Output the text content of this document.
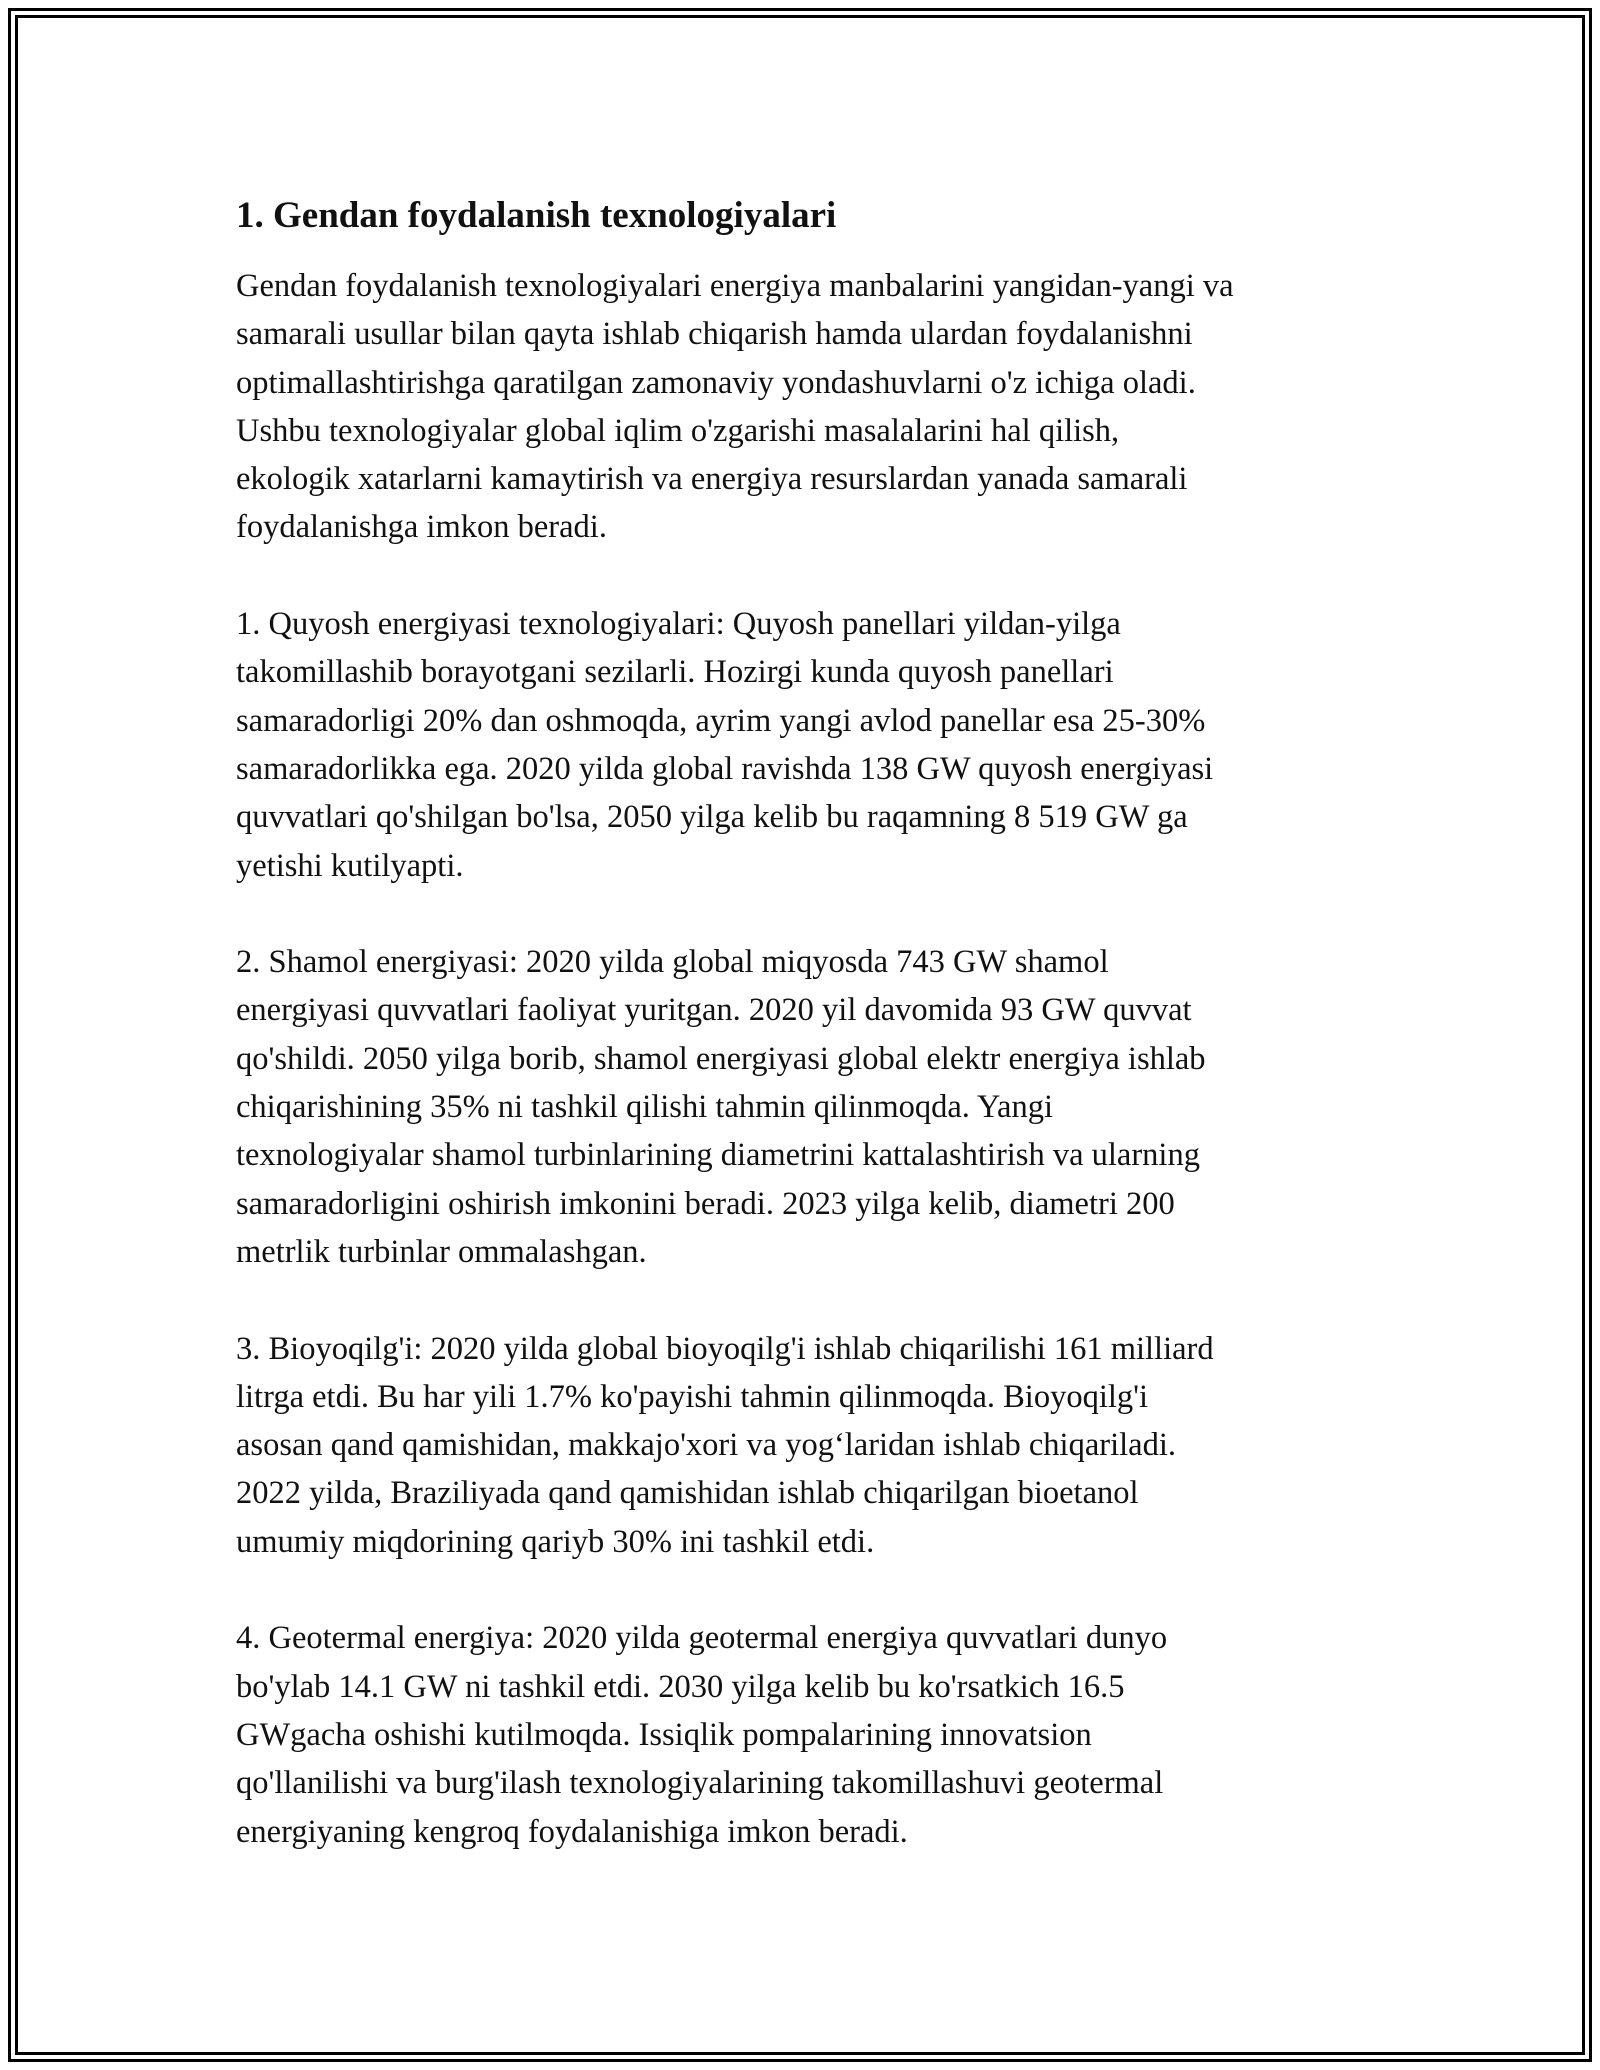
1. Gendan foydalanish texnologiyalari

Gendan foydalanish texnologiyalari energiya manbalarini yangidan-yangi va
samarali usullar bilan qayta ishlab chiqarish hamda ulardan foydalanishni
optimallashtirishga qaratilgan zamonaviy yondashuvlarni o'z ichiga oladi.
Ushbu texnologiyalar global iqlim o'zgarishi masalalarini hal qilish,
ekologik xatarlarni kamaytirish va energiya resurslardan yanada samarali
foydalanishga imkon beradi.

1. Quyosh energiyasi texnologiyalari: Quyosh panellari yildan-yilga
takomillashib borayotgani sezilarli. Hozirgi kunda quyosh panellari
samaradorligi 20% dan oshmoqda, ayrim yangi avlod panellar esa 25-30%
samaradorlikka ega. 2020 yilda global ravishda 138 GW quyosh energiyasi
quvvatlari qo'shilgan bo'lsa, 2050 yilga kelib bu raqamning 8 519 GW ga
yetishi kutilyapti.

2. Shamol energiyasi: 2020 yilda global miqyosda 743 GW shamol
energiyasi quvvatlari faoliyat yuritgan. 2020 yil davomida 93 GW quvvat
qo'shildi. 2050 yilga borib, shamol energiyasi global elektr energiya ishlab
chiqarishining 35% ni tashkil qilishi tahmin qilinmoqda. Yangi
texnologiyalar shamol turbinlarining diametrini kattalashtirish va ularning
samaradorligini oshirish imkonini beradi. 2023 yilga kelib, diametri 200
metrlik turbinlar ommalashgan.

3. Bioyoqilg'i: 2020 yilda global bioyoqilg'i ishlab chiqarilishi 161 milliard
litrga etdi. Bu har yili 1.7% ko'payishi tahmin qilinmoqda. Bioyoqilg'i
asosan qand qamishidan, makkajo'xori va yog‘laridan ishlab chiqariladi.
2022 yilda, Braziliyada qand qamishidan ishlab chiqarilgan bioetanol
umumiy miqdorining qariyb 30% ini tashkil etdi.

4. Geotermal energiya: 2020 yilda geotermal energiya quvvatlari dunyo
bo'ylab 14.1 GW ni tashkil etdi. 2030 yilga kelib bu ko'rsatkich 16.5
GWgacha oshishi kutilmoqda. Issiqlik pompalarining innovatsion
qo'llanilishi va burg'ilash texnologiyalarining takomillashuvi geotermal
energiyaning kengroq foydalanishiga imkon beradi.
